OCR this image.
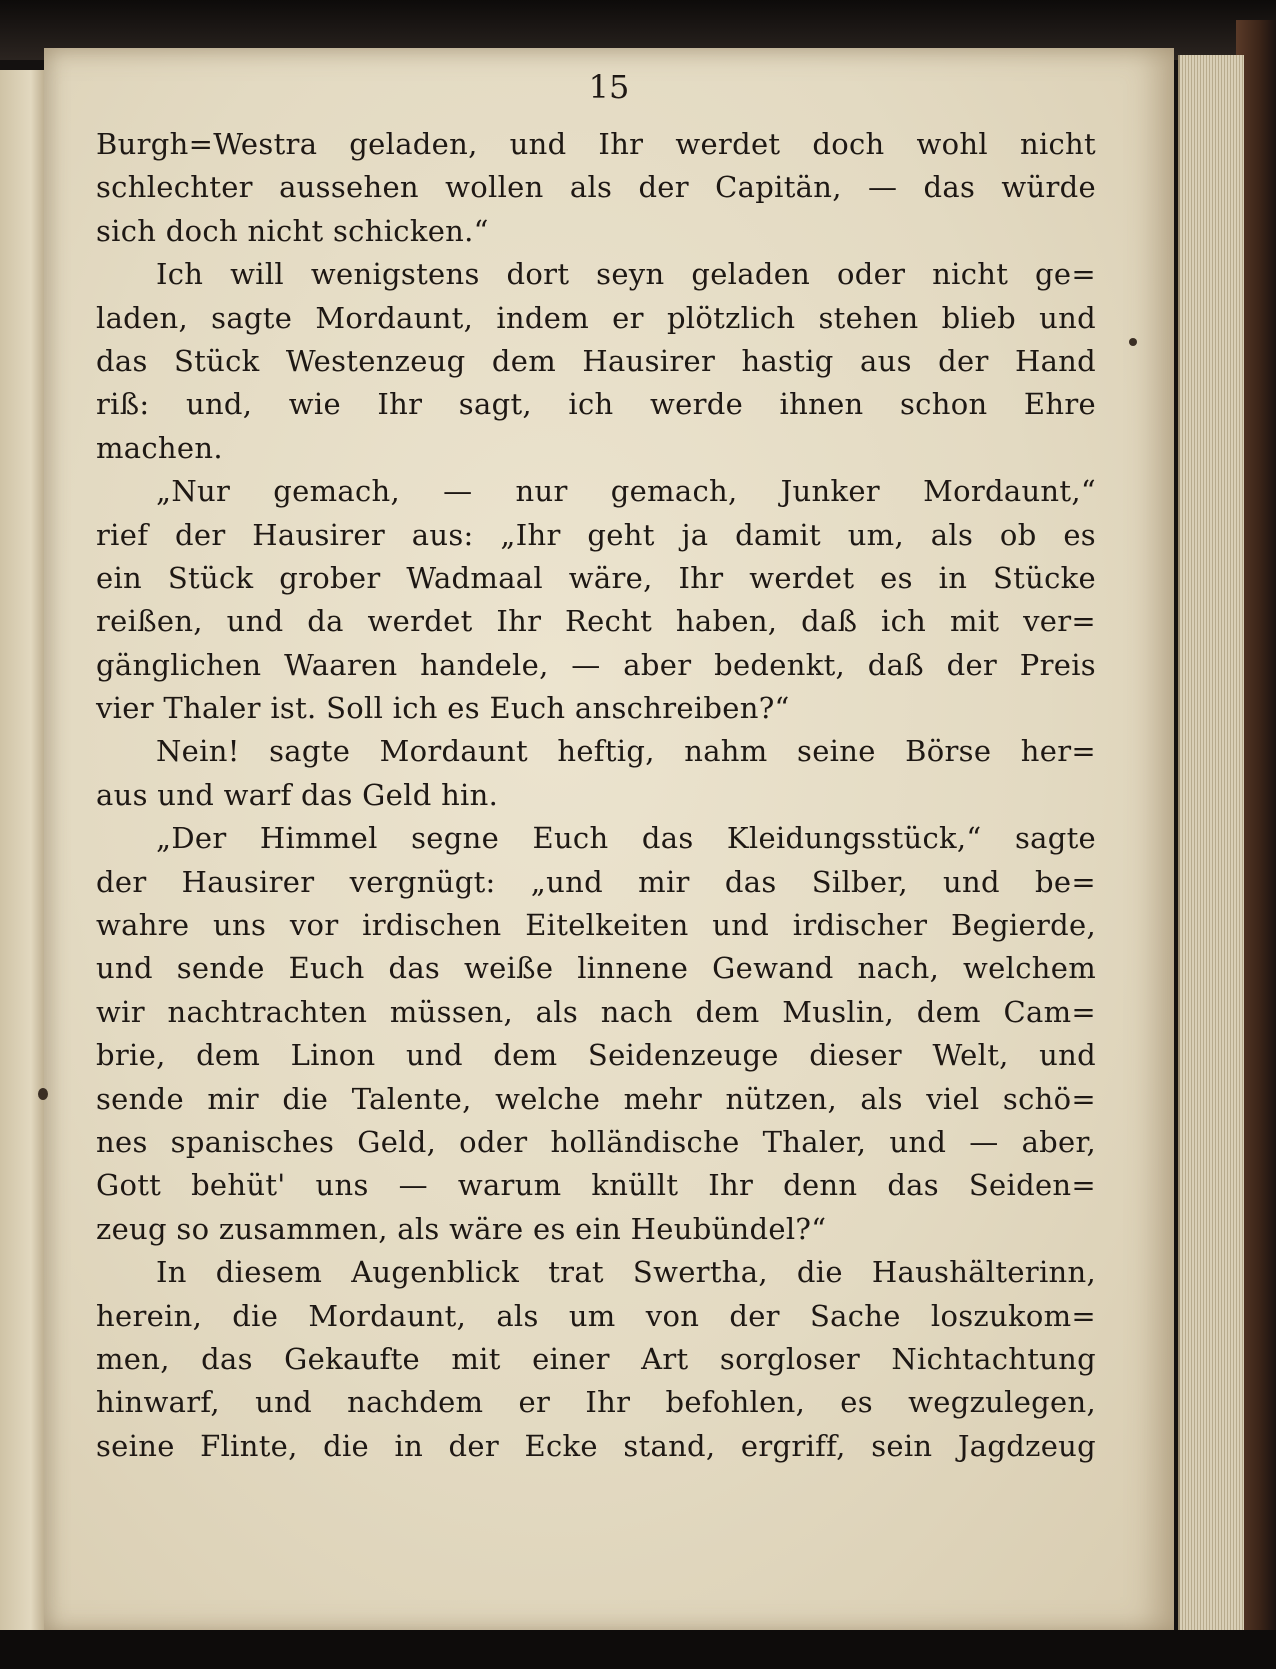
15
Burgh=Westra geladen, und Ihr werdet doch wohl nicht
schlechter aussehen wollen als der Capitän, — das würde
sich doch nicht schicken.“
Ich will wenigstens dort seyn geladen oder nicht ge=
laden, sagte Mordaunt, indem er plötzlich stehen blieb und
das Stück Westenzeug dem Hausirer hastig aus der Hand
riß: und, wie Ihr sagt, ich werde ihnen schon Ehre
machen.
„Nur gemach, — nur gemach, Junker Mordaunt,“
rief der Hausirer aus: „Ihr geht ja damit um, als ob es
ein Stück grober Wadmaal wäre, Ihr werdet es in Stücke
reißen, und da werdet Ihr Recht haben, daß ich mit ver=
gänglichen Waaren handele, — aber bedenkt, daß der Preis
vier Thaler ist. Soll ich es Euch anschreiben?“
Nein! sagte Mordaunt heftig, nahm seine Börse her=
aus und warf das Geld hin.
„Der Himmel segne Euch das Kleidungsstück,“ sagte
der Hausirer vergnügt: „und mir das Silber, und be=
wahre uns vor irdischen Eitelkeiten und irdischer Begierde,
und sende Euch das weiße linnene Gewand nach, welchem
wir nachtrachten müssen, als nach dem Muslin, dem Cam=
brie, dem Linon und dem Seidenzeuge dieser Welt, und
sende mir die Talente, welche mehr nützen, als viel schö=
nes spanisches Geld, oder holländische Thaler, und — aber,
Gott behüt' uns — warum knüllt Ihr denn das Seiden=
zeug so zusammen, als wäre es ein Heubündel?“
In diesem Augenblick trat Swertha, die Haushälterinn,
herein, die Mordaunt, als um von der Sache loszukom=
men, das Gekaufte mit einer Art sorgloser Nichtachtung
hinwarf, und nachdem er Ihr befohlen, es wegzulegen,
seine Flinte, die in der Ecke stand, ergriff, sein Jagdzeug
